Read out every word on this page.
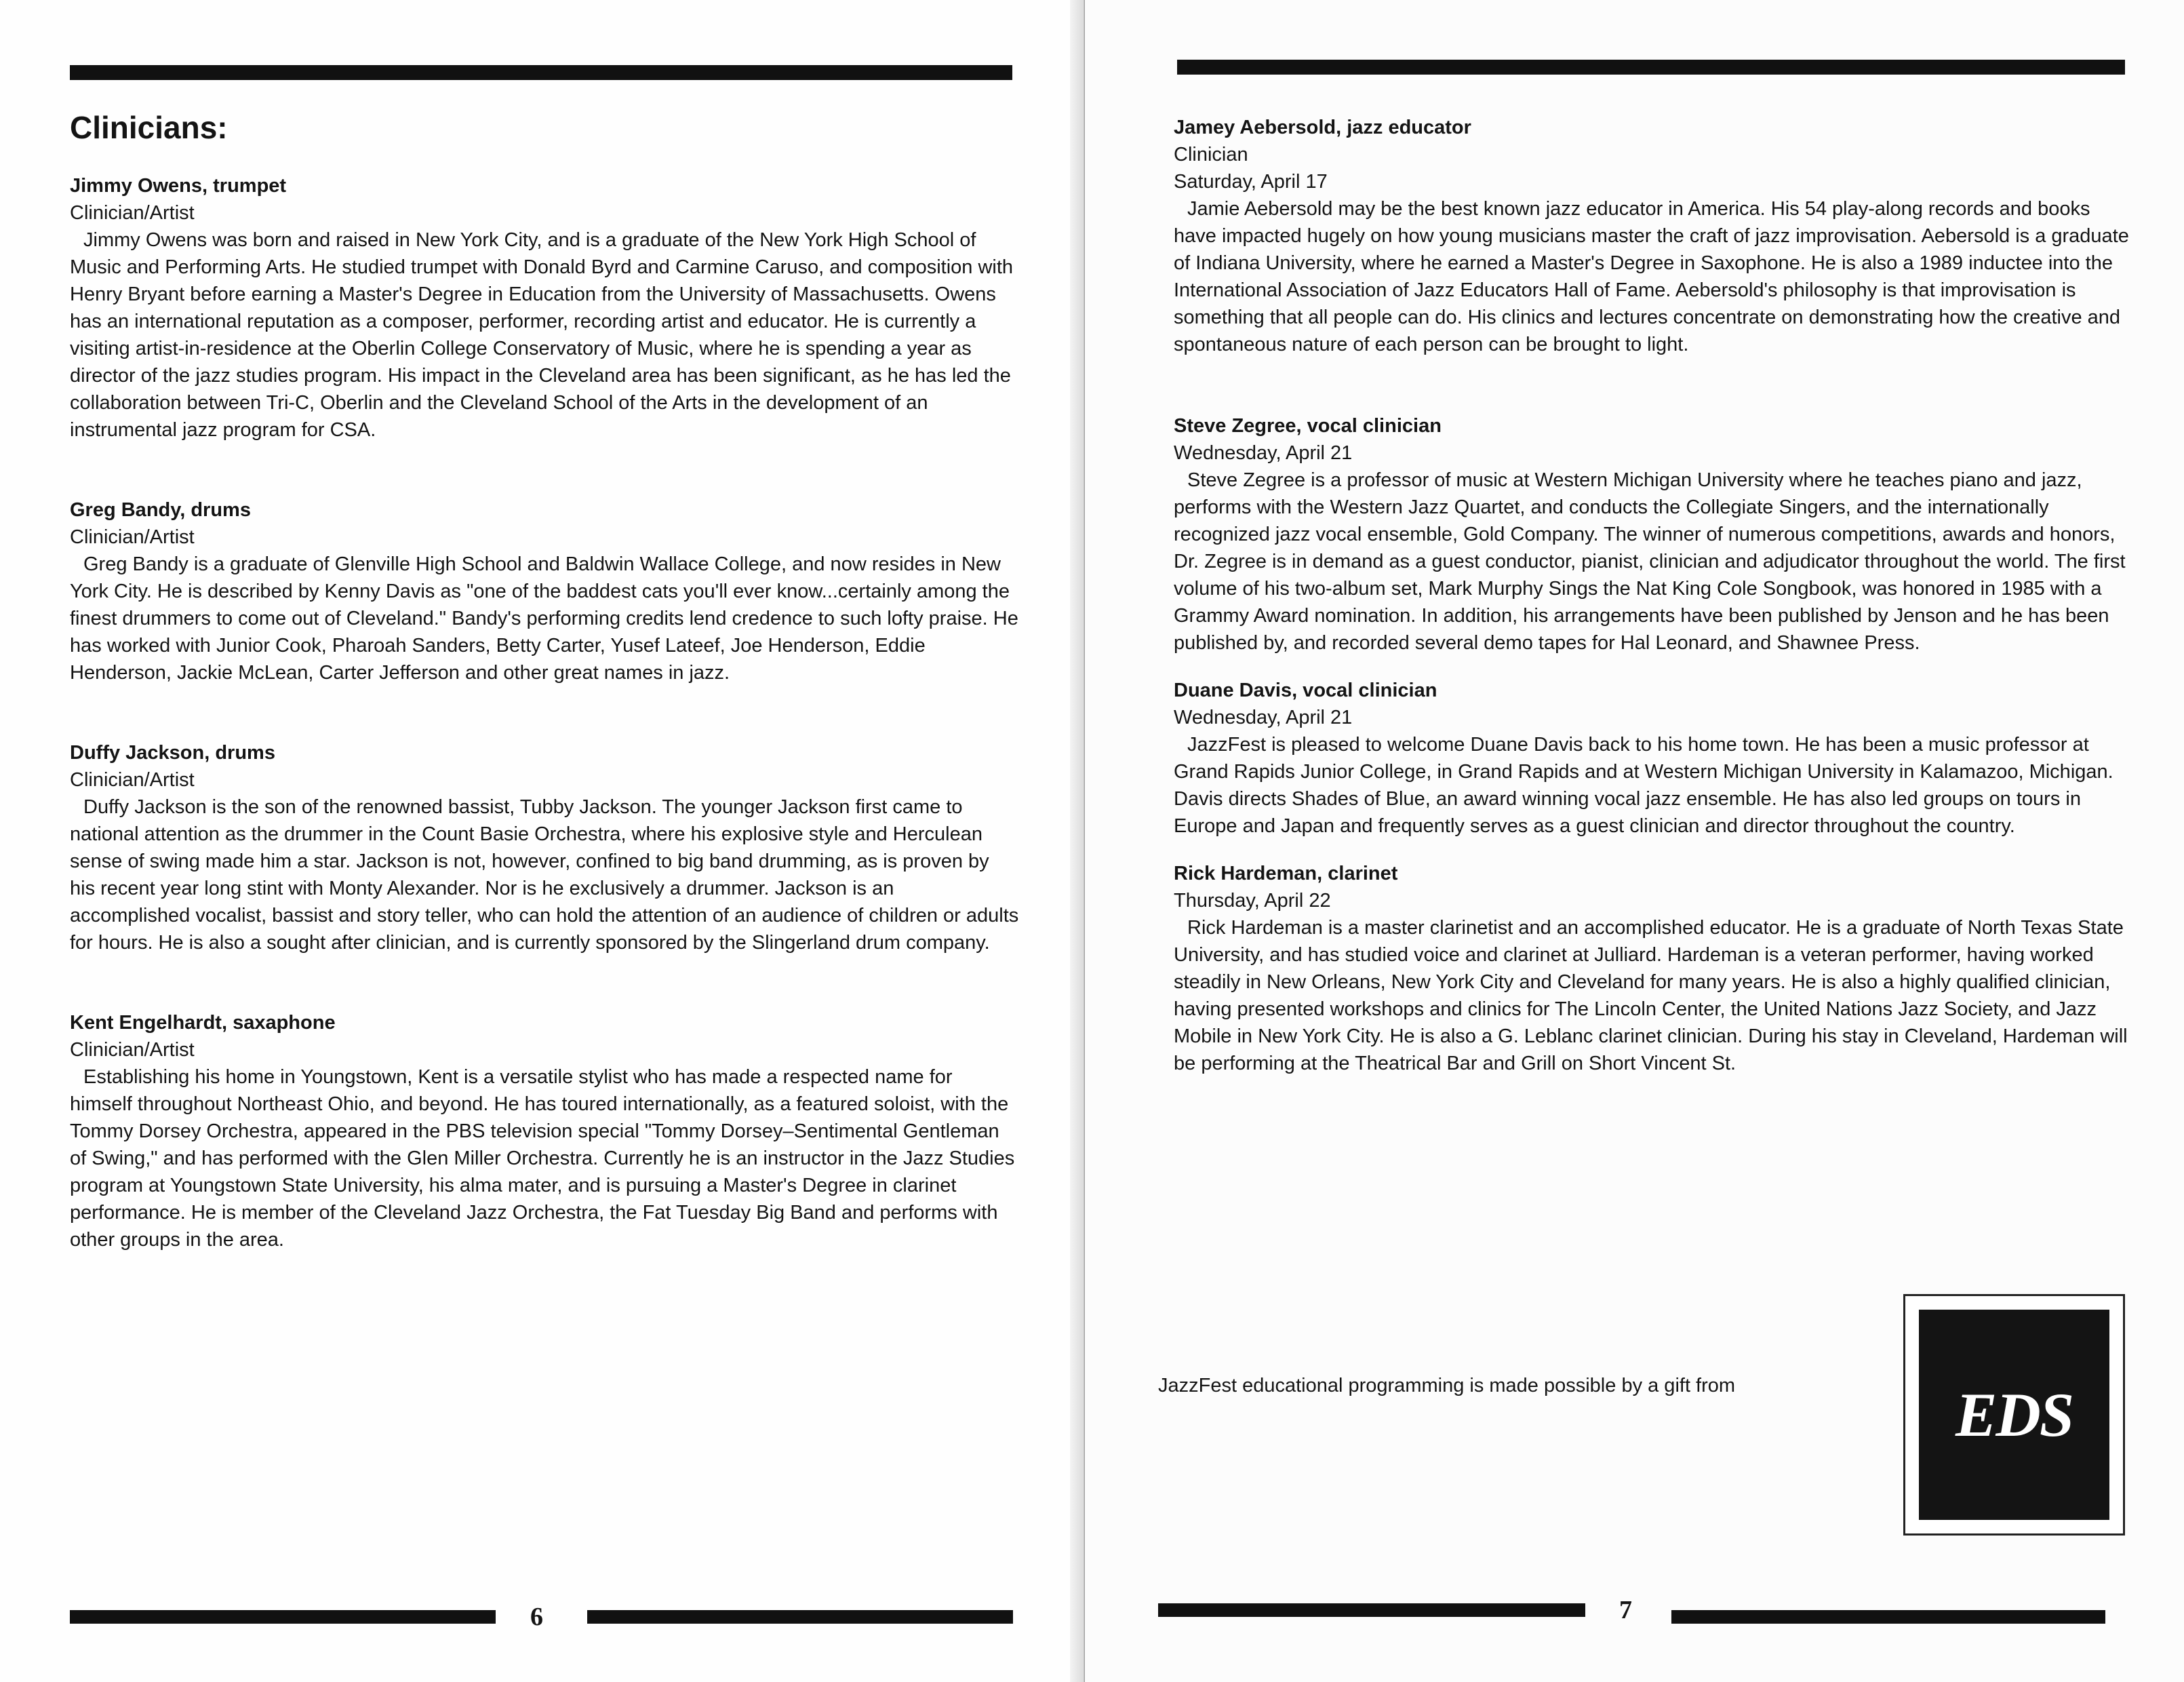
Clinicians:
Jimmy Owens, trumpet
Clinician/Artist

Jimmy Owens was born and raised in New York City, and is a graduate of the New York High School of Music and Performing Arts. He studied trumpet with Donald Byrd and Carmine Caruso, and composition with Henry Bryant before earning a Master's Degree in Education from the University of Massachusetts. Owens has an international reputation as a composer, performer, recording artist and educator. He is currently a visiting artist-in-residence at the Oberlin College Conservatory of Music, where he is spending a year as director of the jazz studies program. His impact in the Cleveland area has been significant, as he has led the collaboration between Tri-C, Oberlin and the Cleveland School of the Arts in the development of an instrumental jazz program for CSA.

Greg Bandy, drums
Clinician/Artist

Greg Bandy is a graduate of Glenville High School and Baldwin Wallace College, and now resides in New York City. He is described by Kenny Davis as "one of the baddest cats you'll ever know...certainly among the finest drummers to come out of Cleveland." Bandy's performing credits lend credence to such lofty praise. He has worked with Junior Cook, Pharoah Sanders, Betty Carter, Yusef Lateef, Joe Henderson, Eddie Henderson, Jackie McLean, Carter Jefferson and other great names in jazz.

Duffy Jackson, drums
Clinician/Artist

Duffy Jackson is the son of the renowned bassist, Tubby Jackson. The younger Jackson first came to national attention as the drummer in the Count Basie Orchestra, where his explosive style and Herculean sense of swing made him a star. Jackson is not, however, confined to big band drumming, as is proven by his recent year long stint with Monty Alexander. Nor is he exclusively a drummer. Jackson is an accomplished vocalist, bassist and story teller, who can hold the attention of an audience of children or adults for hours. He is also a sought after clinician, and is currently sponsored by the Slingerland drum company.

Kent Engelhardt, saxaphone
Clinician/Artist

Establishing his home in Youngstown, Kent is a versatile stylist who has made a respected name for himself throughout Northeast Ohio, and beyond. He has toured internationally, as a featured soloist, with the Tommy Dorsey Orchestra, appeared in the PBS television special "Tommy Dorsey–Sentimental Gentleman of Swing," and has performed with the Glen Miller Orchestra. Currently he is an instructor in the Jazz Studies program at Youngstown State University, his alma mater, and is pursuing a Master's Degree in clarinet performance. He is member of the Cleveland Jazz Orchestra, the Fat Tuesday Big Band and performs with other groups in the area.

6
Jamey Aebersold, jazz educator
Clinician
Saturday, April 17

Jamie Aebersold may be the best known jazz educator in America. His 54 play-along records and books have impacted hugely on how young musicians master the craft of jazz improvisation. Aebersold is a graduate of Indiana University, where he earned a Master's Degree in Saxophone. He is also a 1989 inductee into the International Association of Jazz Educators Hall of Fame. Aebersold's philosophy is that improvisation is something that all people can do. His clinics and lectures concentrate on demonstrating how the creative and spontaneous nature of each person can be brought to light.

Steve Zegree, vocal clinician
Wednesday, April 21

Steve Zegree is a professor of music at Western Michigan University where he teaches piano and jazz, performs with the Western Jazz Quartet, and conducts the Collegiate Singers, and the internationally recognized jazz vocal ensemble, Gold Company. The winner of numerous competitions, awards and honors, Dr. Zegree is in demand as a guest conductor, pianist, clinician and adjudicator throughout the world. The first volume of his two-album set, Mark Murphy Sings the Nat King Cole Songbook, was honored in 1985 with a Grammy Award nomination. In addition, his arrangements have been published by Jenson and he has been published by, and recorded several demo tapes for Hal Leonard, and Shawnee Press.

Duane Davis, vocal clinician
Wednesday, April 21

JazzFest is pleased to welcome Duane Davis back to his home town. He has been a music professor at Grand Rapids Junior College, in Grand Rapids and at Western Michigan University in Kalamazoo, Michigan. Davis directs Shades of Blue, an award winning vocal jazz ensemble. He has also led groups on tours in Europe and Japan and frequently serves as a guest clinician and director throughout the country.

Rick Hardeman, clarinet
Thursday, April 22

Rick Hardeman is a master clarinetist and an accomplished educator. He is a graduate of North Texas State University, and has studied voice and clarinet at Julliard. Hardeman is a veteran performer, having worked steadily in New Orleans, New York City and Cleveland for many years. He is also a highly qualified clinician, having presented workshops and clinics for The Lincoln Center, the United Nations Jazz Society, and Jazz Mobile in New York City. He is also a G. Leblanc clarinet clinician. During his stay in Cleveland, Hardeman will be performing at the Theatrical Bar and Grill on Short Vincent St.

JazzFest educational programming is made possible by a gift from	EDS
7
